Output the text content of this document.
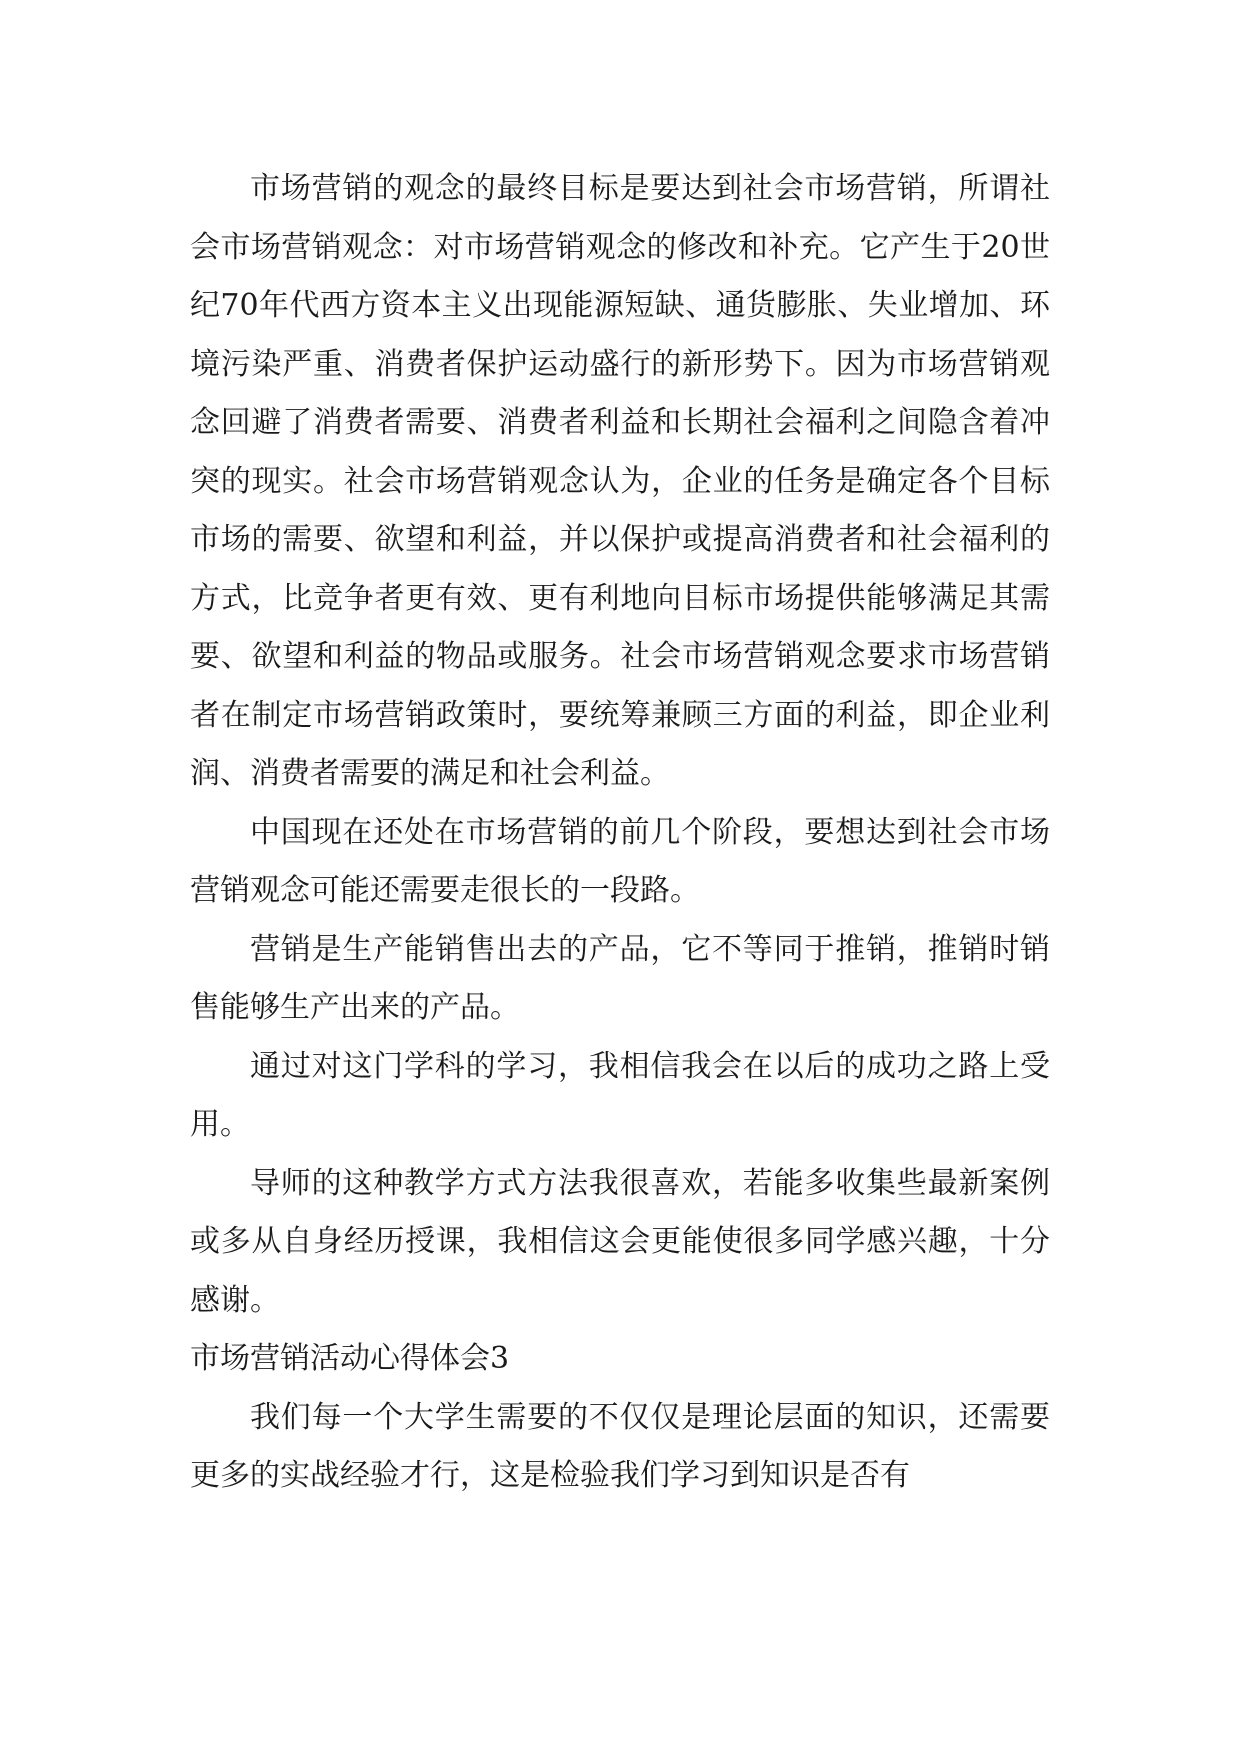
市场营销的观念的最终目标是要达到社会市场营销，所谓社会市场营销观念：对市场营销观念的修改和补充。它产生于20世纪70年代西方资本主义出现能源短缺、通货膨胀、失业增加、环境污染严重、消费者保护运动盛行的新形势下。因为市场营销观念回避了消费者需要、消费者利益和长期社会福利之间隐含着冲突的现实。社会市场营销观念认为，企业的任务是确定各个目标市场的需要、欲望和利益，并以保护或提高消费者和社会福利的方式，比竞争者更有效、更有利地向目标市场提供能够满足其需要、欲望和利益的物品或服务。社会市场营销观念要求市场营销者在制定市场营销政策时，要统筹兼顾三方面的利益，即企业利润、消费者需要的满足和社会利益。

中国现在还处在市场营销的前几个阶段，要想达到社会市场营销观念可能还需要走很长的一段路。

营销是生产能销售出去的产品，它不等同于推销，推销时销售能够生产出来的产品。

通过对这门学科的学习，我相信我会在以后的成功之路上受用。

导师的这种教学方式方法我很喜欢，若能多收集些最新案例或多从自身经历授课，我相信这会更能使很多同学感兴趣，十分感谢。

市场营销活动心得体会3

我们每一个大学生需要的不仅仅是理论层面的知识，还需要更多的实战经验才行，这是检验我们学习到知识是否有
